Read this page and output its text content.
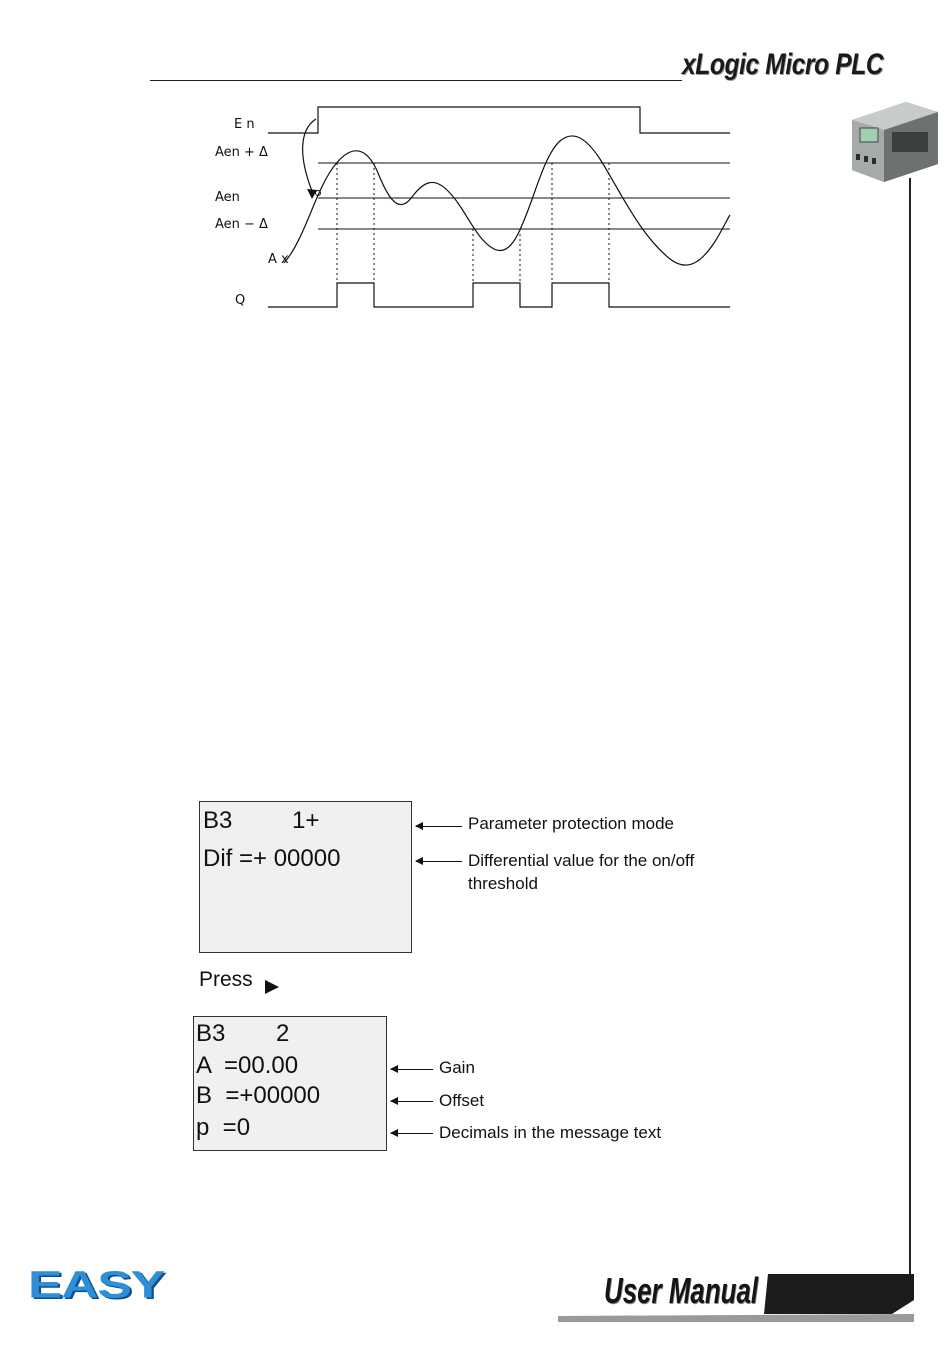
xLogic Micro PLC
E n
Aen + Δ
Aen
Aen − Δ
A x
Q
B3 1+
Dif =+ 00000
Parameter protection mode
Differential value for the on/off
threshold
Press
B3 2
A  =00.00
B  =+00000
p  =0
Gain
Offset
Decimals in the message text
EASY	User Manual
